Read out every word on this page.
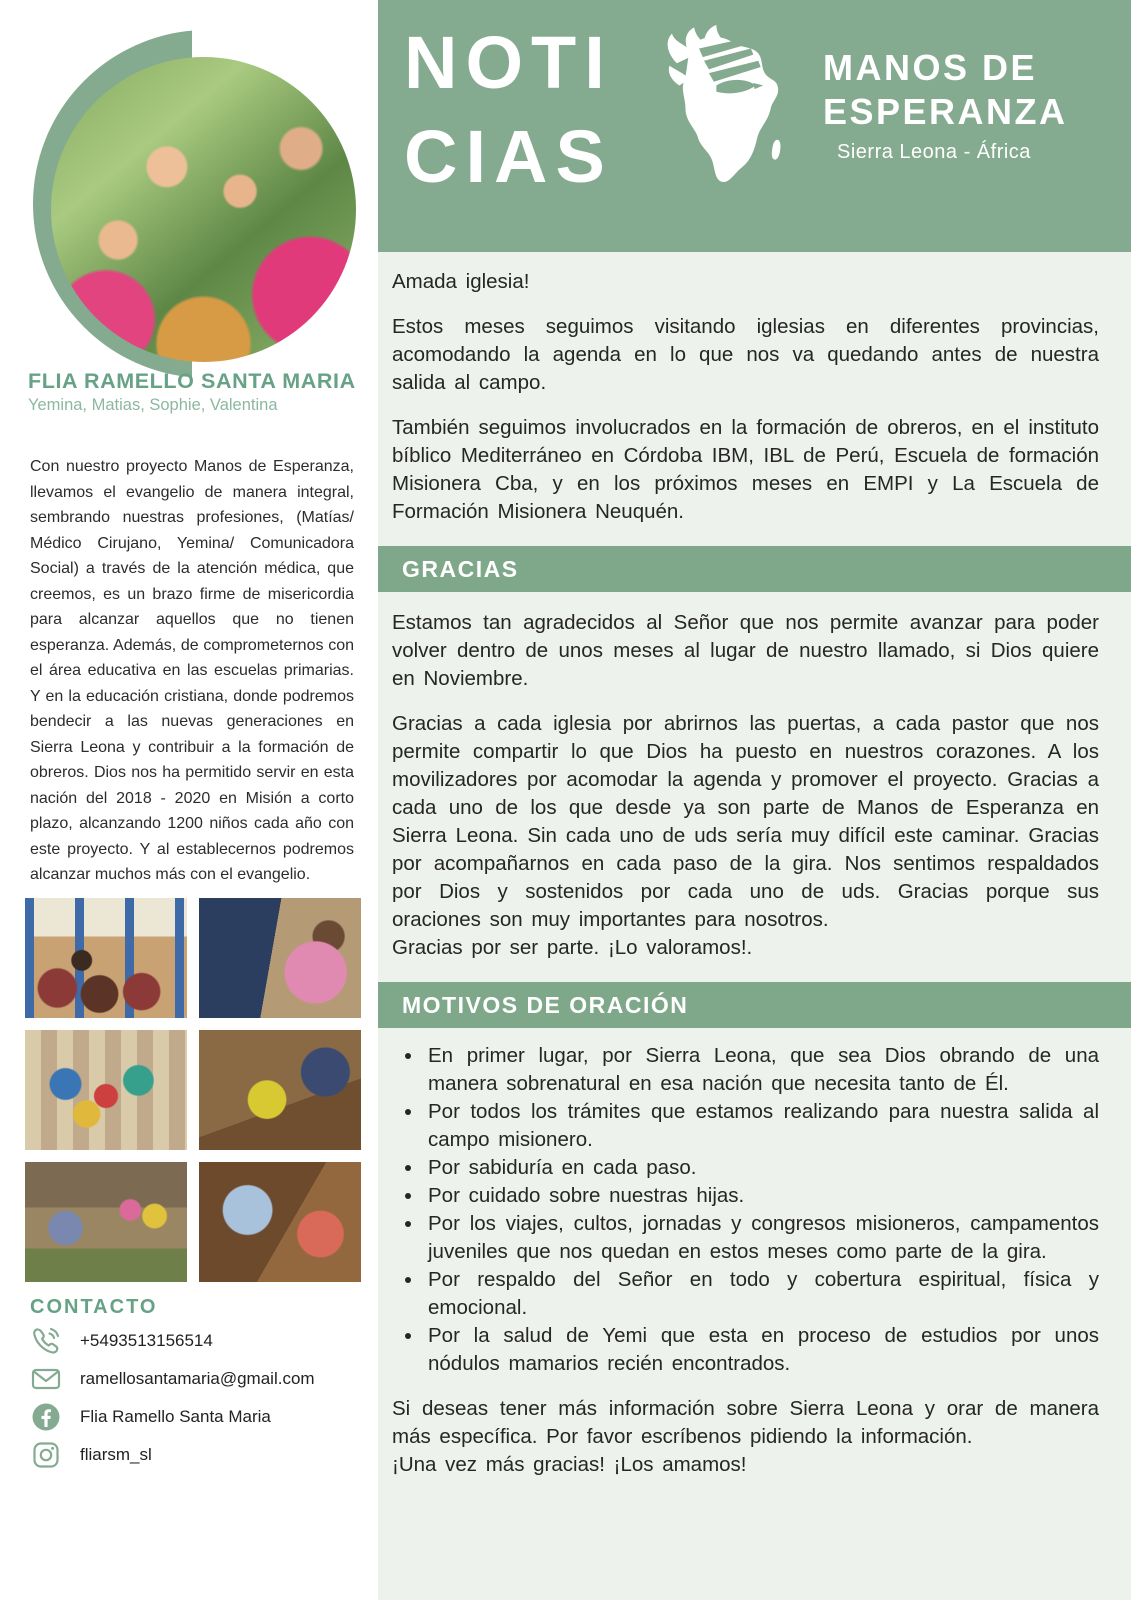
FLIA RAMELLO SANTA MARIA
Yemina, Matias, Sophie, Valentina
Con nuestro proyecto Manos de Esperanza, llevamos el evangelio de manera integral, sembrando nuestras profesiones, (Matías/ Médico Cirujano, Yemina/ Comunicadora Social) a través de la atención médica, que creemos, es un brazo firme de misericordia para alcanzar aquellos que no tienen esperanza. Además, de comprometernos con el área educativa en las escuelas primarias. Y en la educación cristiana, donde podremos bendecir a las nuevas generaciones en Sierra Leona y contribuir a la formación de obreros. Dios nos ha permitido servir en esta nación del 2018 - 2020 en Misión a corto plazo, alcanzando 1200 niños cada año con este proyecto. Y al establecernos podremos alcanzar muchos más con el evangelio.
CONTACTO
+5493513156514
ramellosantamaria@gmail.com
Flia Ramello Santa Maria
fliarsm_sl
NOTI
CIAS
MANOS DE
ESPERANZA
Sierra Leona - África

Amada iglesia!

Estos meses seguimos visitando iglesias en diferentes provincias, acomodando la agenda en lo que nos va quedando antes de nuestra salida al campo.

También seguimos involucrados en la formación de obreros, en el instituto bíblico Mediterráneo en Córdoba IBM, IBL de Perú, Escuela de formación Misionera Cba, y en los próximos meses en EMPI y La Escuela de Formación Misionera Neuquén.

GRACIAS

Estamos tan agradecidos al Señor que nos permite avanzar para poder volver dentro de unos meses al lugar de nuestro llamado, si Dios quiere en Noviembre.

Gracias a cada iglesia por abrirnos las puertas, a cada pastor que nos permite compartir lo que Dios ha puesto en nuestros corazones. A los movilizadores por acomodar la agenda y promover el proyecto. Gracias a cada uno de los que desde ya son parte de Manos de Esperanza en Sierra Leona. Sin cada uno de uds sería muy difícil este caminar. Gracias por acompañarnos en cada paso de la gira. Nos sentimos respaldados por Dios y sostenidos por cada uno de uds. Gracias porque sus oraciones son muy importantes para nosotros.

Gracias por ser parte. ¡Lo valoramos!.

MOTIVOS DE ORACIÓN
• En primer lugar, por Sierra Leona, que sea Dios obrando de una manera sobrenatural en esa nación que necesita tanto de Él.
• Por todos los trámites que estamos realizando para nuestra salida al campo misionero.
• Por sabiduría en cada paso.
• Por cuidado sobre nuestras hijas.
• Por los viajes, cultos, jornadas y congresos misioneros, campamentos juveniles que nos quedan en estos meses como parte de la gira.
• Por respaldo del Señor en todo y cobertura espiritual, física y emocional.
• Por la salud de Yemi que esta en proceso de estudios por unos nódulos mamarios recién encontrados.

Si deseas tener más información sobre Sierra Leona y orar de manera más específica. Por favor escríbenos pidiendo la información.

¡Una vez más gracias! ¡Los amamos!
